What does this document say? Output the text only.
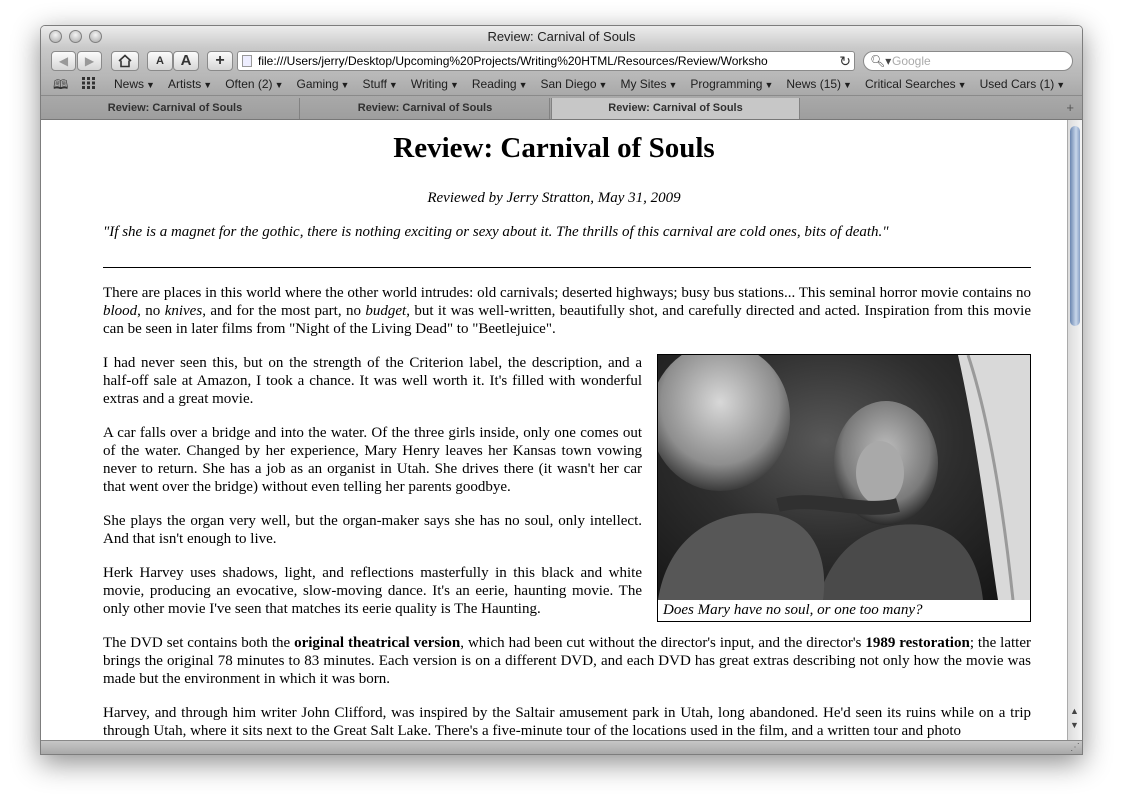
Review: Carnival of Souls
◀	▶	A	A	+	file:///Users/jerry/Desktop/Upcoming%20Projects/Writing%20HTML/Resources/Review/Worksho	↻ 🔍︎▾ Google
🕮︎	News ▼ Artists ▼ Often (2) ▼ Gaming ▼ Stuff ▼ Writing ▼ Reading ▼ San Diego ▼ My Sites ▼ Programming ▼ News (15) ▼ Critical Searches ▼ Used Cars (1) ▼
Review: Carnival of Souls	Review: Carnival of Souls	Review: Carnival of Souls	+
Review: Carnival of Souls
Reviewed by Jerry Stratton, May 31, 2009
"If she is a magnet for the gothic, there is nothing exciting or sexy about it. The thrills of this carnival are cold ones, bits of death."

There are places in this world where the other world intrudes: old carnivals; deserted highways; busy bus stations... This seminal horror movie contains no blood, no knives, and for the most part, no budget, but it was well-written, beautifully shot, and carefully directed and acted. Inspiration from this movie can be seen in later films from "Night of the Living Dead" to "Beetlejuice".

I had never seen this, but on the strength of the Criterion label, the description, and a half-off sale at Amazon, I took a chance. It was well worth it. It's filled with wonderful extras and a great movie.

A car falls over a bridge and into the water. Of the three girls inside, only one comes out of the water. Changed by her experience, Mary Henry leaves her Kansas town vowing never to return. She has a job as an organist in Utah. She drives there (it wasn't her car that went over the bridge) without even telling her parents goodbye.

She plays the organ very well, but the organ-maker says she has no soul, only intellect. And that isn't enough to live.

Herk Harvey uses shadows, light, and reflections masterfully in this black and white movie, producing an evocative, slow-moving dance. It's an eerie, haunting movie. The only other movie I've seen that matches its eerie quality is The Haunting.	Does Mary have no soul, or one too many?

The DVD set contains both the original theatrical version, which had been cut without the director's input, and the director's 1989 restoration; the latter brings the original 78 minutes to 83 minutes. Each version is on a different DVD, and each DVD has great extras describing not only how the movie was made but the environment in which it was born.

Harvey, and through him writer John Clifford, was inspired by the Saltair amusement park in Utah, long abandoned. He'd seen its ruins while on a trip through Utah, where it sits next to the Great Salt Lake. There's a five-minute tour of the locations used in the film, and a written tour and photo

▲
▼
⋰
